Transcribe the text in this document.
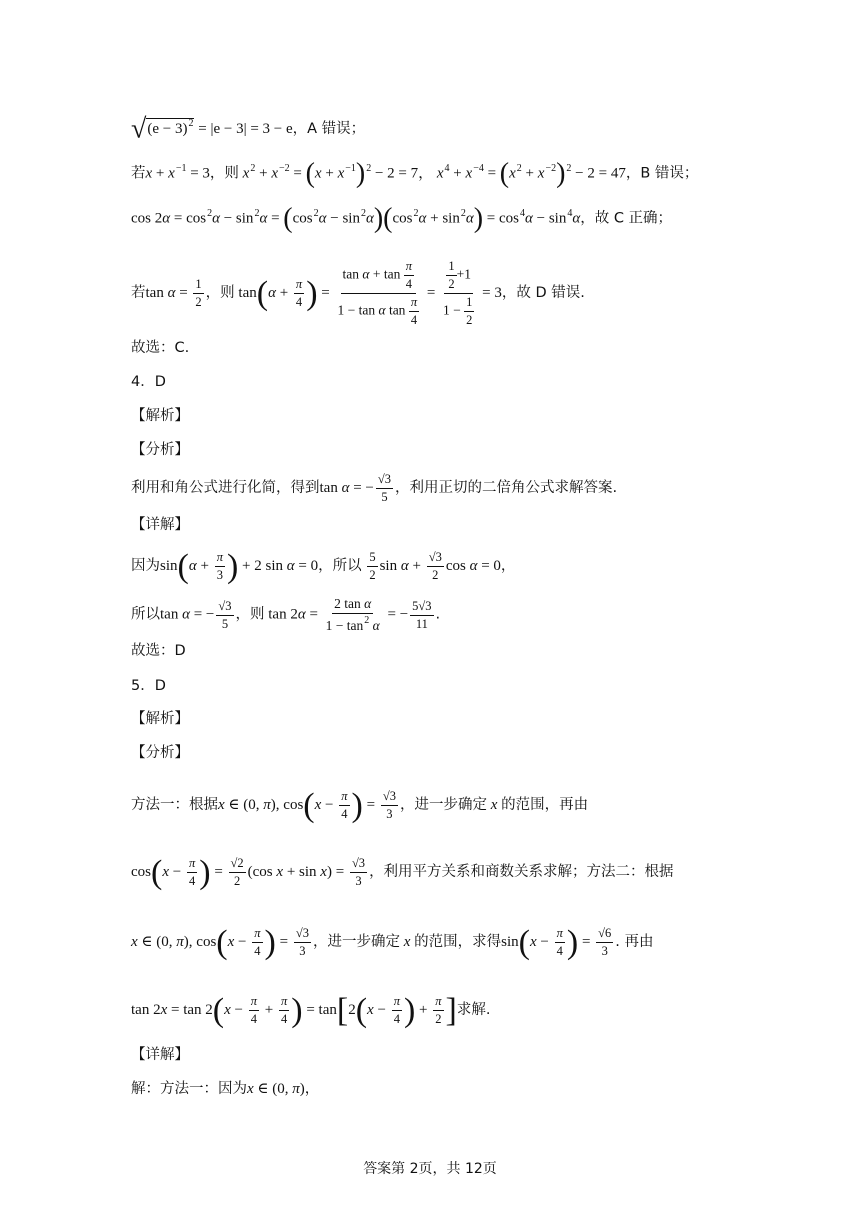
$√(e - 3)^2 = |e - 3| = 3 - e$，A 错误；
若$x + x^{-1} = 3$，则 $x^2 + x^{-2} = (x + x^{-1})^2 - 2 = 7$， $x^4 + x^{-4} = (x^2 + x^{-2})^2 - 2 = 47$，B 错误；
$\cos 2\alpha = \cos^2\alpha - \sin^2\alpha = (\cos^2\alpha - \sin^2\alpha)(\cos^2\alpha + \sin^2\alpha) = \cos^4\alpha - \sin^4\alpha$，故 C 正确；
若$\tan \alpha = \frac{1}{2}$ ，则 $\tan(\alpha + \frac{\pi}{4}$ ) = $\frac{\tan \alpha + \tan \frac{\pi}{4}}{1 - \tan \alpha \tan \frac{\pi}{4}} = \frac{\frac{1}{2} +1}{1 - \frac{1}{2}} = 3$，故 D 错误.
故选：C.
4．D
【解析】
【分析】
利用和角公式进行化简，得到tan α = − $\frac{√3}{5}$ ，利用正切的二倍角公式求解答案.
【详解】
因为$\sin(\alpha + \frac{\pi}{3}$ ) + 2 sin α = 0，所以 $\frac{5}{2}$ $\sin \alpha + \frac{√3}{2}$ cos α = 0，
所以tan α = − $\frac{√3}{5}$ ，则 $\tan 2\alpha = \frac{\text{2 tan α}}{1 - \tan^2 \alpha}$ = − $\frac{5√3}{11}$ .
故选：D
5．D
【解析】
【分析】
方法一：根据x ∈ (0, π), $\cos(x - \frac{\pi}{4}$ ) = $\frac{√3}{3}$ ，进一步确定 x 的范围，再由
$\cos(x - \frac{\pi}{4}$ ) = $\frac{√2}{2} (\cos$ $x + \sin x) = \frac{√3}{3}$ ，利用平方关系和商数关系求解；方法二：根据
x ∈ (0, π), $\cos(x - \frac{\pi}{4}$ ) = $\frac{√3}{3}$ ，进一步确定 x 的范围，求得$\sin(x - \frac{\pi}{4}$ ) = $\frac{√6}{3}$ . 再由
$\tan 2x = \tan 2(x - \frac{\pi}{4} + \frac{\pi}{4}$ ) = $\tan[2(x - \frac{\pi}{4}$ ) + $\frac{\pi}{2}$ ]求解.
【详解】
解：方法一：因为x ∈ (0, π)，
答案第 2页，共 12页
